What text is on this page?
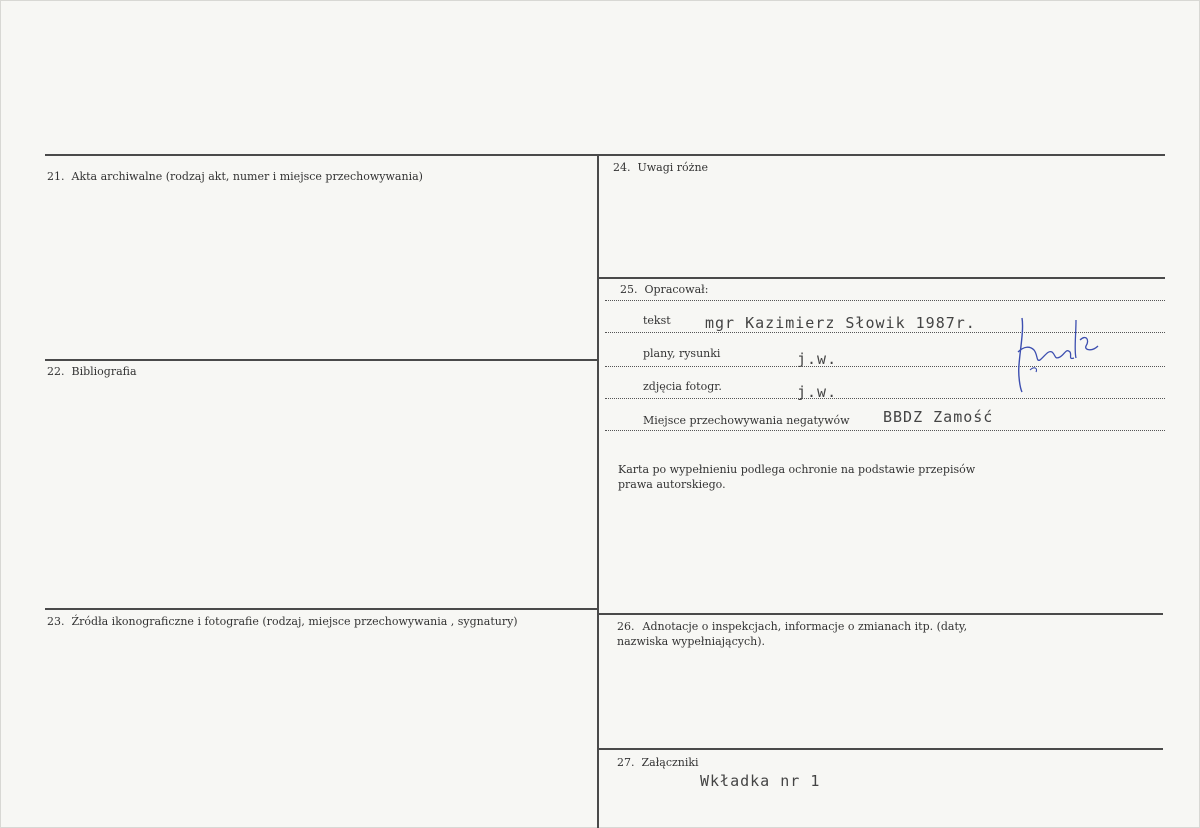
21. Akta archiwalne (rodzaj akt, numer i miejsce przechowywania)
22. Bibliografia
23. Źródła ikonograficzne i fotografie (rodzaj, miejsce przechowywania , sygnatury)
24. Uwagi różne
25. Opracował:
tekst mgr Kazimierz Słowik 1987r.
plany, rysunki	j.w.
zdjęcia fotogr.	j.w.
Miejsce przechowywania negatywów BBDZ Zamość
Karta po wypełnieniu podlega ochronie na podstawie przepisów
prawa autorskiego.
26. Adnotacje o inspekcjach, informacje o zmianach itp. (daty,
nazwiska wypełniających).
27. Załączniki
Wkładka nr 1
